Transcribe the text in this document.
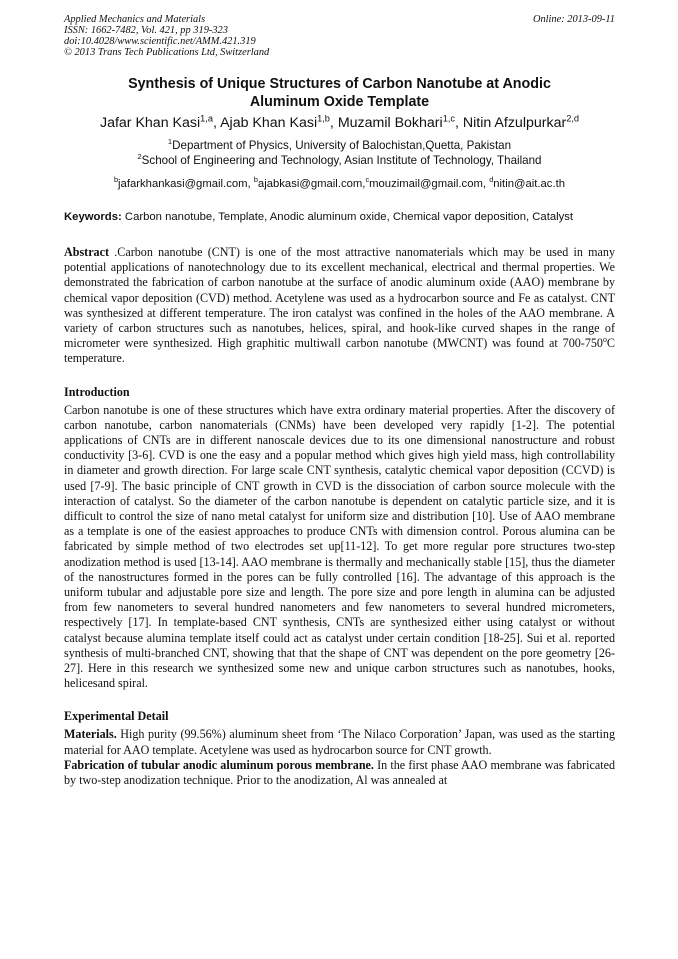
Applied Mechanics and Materials
ISSN: 1662-7482, Vol. 421, pp 319-323
doi:10.4028/www.scientific.net/AMM.421.319
© 2013 Trans Tech Publications Ltd, Switzerland
Online: 2013-09-11
Synthesis of Unique Structures of Carbon Nanotube at Anodic
Aluminum Oxide Template
Jafar Khan Kasi$^{1,a}$, Ajab Khan Kasi$^{1,b}$, Muzamil Bokhari$^{1,c}$, Nitin Afzulpurkar$^{2,d}$
$^1$Department of Physics, University of Balochistan,Quetta, Pakistan
$^2$School of Engineering and Technology, Asian Institute of Technology, Thailand
$^b$jafarkhankasi@gmail.com, $^b$ajabkasi@gmail.com,$^c$mouzimail@gmail.com, $^d$nitin@ait.ac.th

Keywords: Carbon nanotube, Template, Anodic aluminum oxide, Chemical vapor deposition, Catalyst

Abstract .Carbon nanotube (CNT) is one of the most attractive nanomaterials which may be used in many potential applications of nanotechnology due to its excellent mechanical, electrical and thermal properties. We demonstrated the fabrication of carbon nanotube at the surface of anodic aluminum oxide (AAO) membrane by chemical vapor deposition (CVD) method. Acetylene was used as a hydrocarbon source and Fe as catalyst. CNT was synthesized at different temperature. The iron catalyst was confined in the holes of the AAO membrane. A variety of carbon structures such as nanotubes, helices, spiral, and hook-like curved shapes in the range of micrometer were synthesized. High graphitic multiwall carbon nanotube (MWCNT) was found at 700-750$^o$C temperature.

Introduction

Carbon nanotube is one of these structures which have extra ordinary material properties. After the discovery of carbon nanotube, carbon nanomaterials (CNMs) have been developed very rapidly [1-2]. The potential applications of CNTs are in different nanoscale devices due to its one dimensional nanostructure and robust conductivity [3-6]. CVD is one the easy and a popular method which gives high yield mass, high controllability in diameter and growth direction. For large scale CNT synthesis, catalytic chemical vapor deposition (CCVD) is used [7-9]. The basic principle of CNT growth in CVD is the dissociation of carbon source molecule with the interaction of catalyst. So the diameter of the carbon nanotube is dependent on catalytic particle size, and it is difficult to control the size of nano metal catalyst for uniform size and distribution [10]. Use of AAO membrane as a template is one of the easiest approaches to produce CNTs with dimension control. Porous alumina can be fabricated by simple method of two electrodes set up[11-12]. To get more regular pore structures two-step anodization method is used [13-14]. AAO membrane is thermally and mechanically stable [15], thus the diameter of the nanostructures formed in the pores can be fully controlled [16]. The advantage of this approach is the uniform tubular and adjustable pore size and length. The pore size and pore length in alumina can be adjusted from few nanometers to several hundred nanometers and few nanometers to several hundred micrometers, respectively [17]. In template-based CNT synthesis, CNTs are synthesized either using catalyst or without catalyst because alumina template itself could act as catalyst under certain condition [18-25]. Sui et al. reported synthesis of multi-branched CNT, showing that that the shape of CNT was dependent on the pore geometry [26-27]. Here in this research we synthesized some new and unique carbon structures such as nanotubes, hooks, helicesand spiral.

Experimental Detail

Materials. High purity (99.56%) aluminum sheet from ‘The Nilaco Corporation’ Japan, was used as the starting material for AAO template. Acetylene was used as hydrocarbon source for CNT growth.

Fabrication of tubular anodic aluminum porous membrane. In the first phase AAO membrane was fabricated by two-step anodization technique. Prior to the anodization, Al was annealed at
